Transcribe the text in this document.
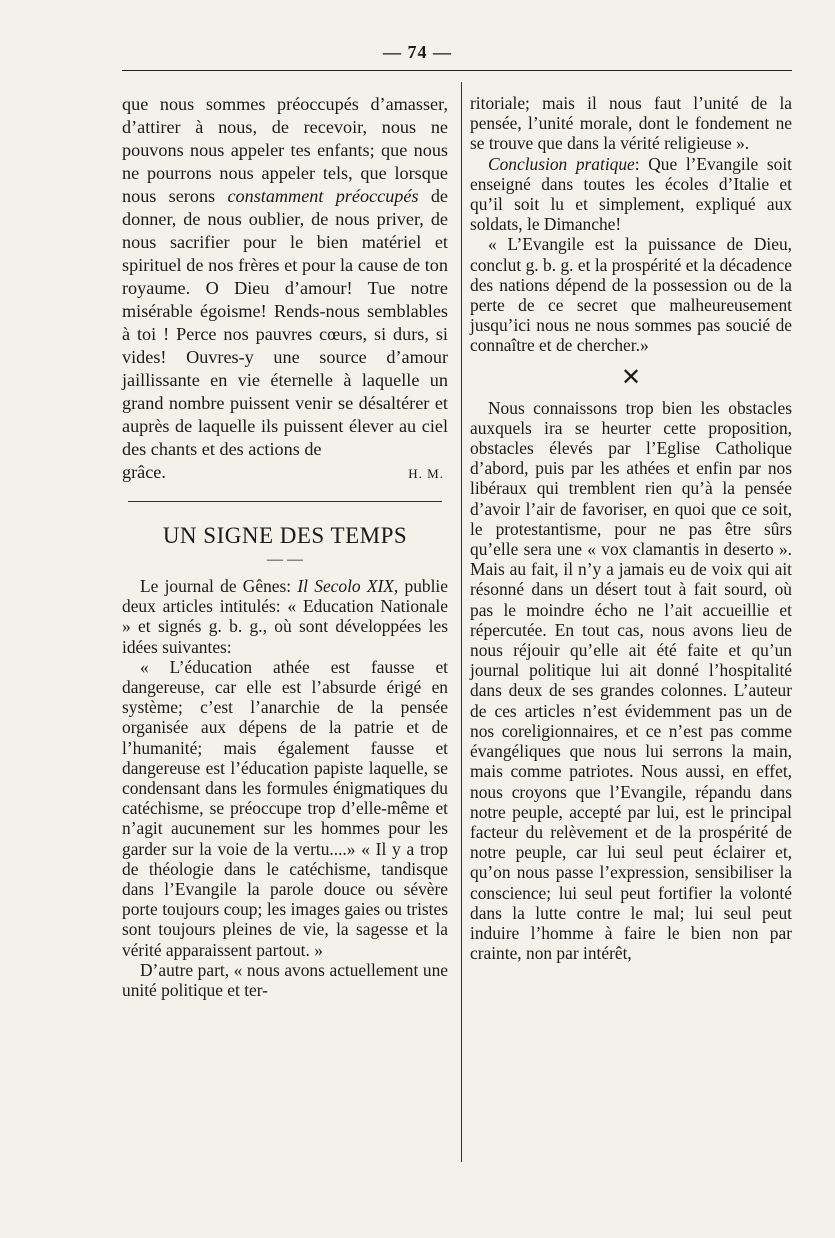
— 74 —

que nous sommes préoccupés d’amasser, d’attirer à nous, de recevoir, nous ne pouvons nous appeler tes enfants; que nous ne pourrons nous appeler tels, que lorsque nous serons constamment préoccupés de donner, de nous oublier, de nous priver, de nous sacrifier pour le bien matériel et spirituel de nos frères et pour la cause de ton royaume. O Dieu d’amour! Tue notre misérable égoisme! Rends-nous semblables à toi ! Perce nos pauvres cœurs, si durs, si vides! Ouvres-y une source d’amour jaillissante en vie éternelle à laquelle un grand nombre puissent venir se désaltérer et auprès de laquelle ils puissent élever au ciel des chants et des actions de

grâce.	H. M.
UN SIGNE DES TEMPS
— —

Le journal de Gênes: Il Secolo XIX, publie deux articles intitulés: « Education Nationale » et signés g. b. g., où sont développées les idées suivantes:

« L’éducation athée est fausse et dangereuse, car elle est l’absurde érigé en système; c’est l’anarchie de la pensée organisée aux dépens de la patrie et de l’humanité; mais également fausse et dangereuse est l’éducation papiste laquelle, se condensant dans les formules énigmatiques du catéchisme, se préoccupe trop d’elle-même et n’agit aucunement sur les hommes pour les garder sur la voie de la vertu....» « Il y a trop de théologie dans le catéchisme, tandisque dans l’Evangile la parole douce ou sévère porte toujours coup; les images gaies ou tristes sont toujours pleines de vie, la sagesse et la vérité apparaissent partout. »

D’autre part, « nous avons actuellement une unité politique et ter-

ritoriale; mais il nous faut l’unité de la pensée, l’unité morale, dont le fondement ne se trouve que dans la vérité religieuse ».

Conclusion pratique: Que l’Evangile soit enseigné dans toutes les écoles d’Italie et qu’il soit lu et simplement, expliqué aux soldats, le Dimanche!

« L’Evangile est la puissance de Dieu, conclut g. b. g. et la prospérité et la décadence des nations dépend de la possession ou de la perte de ce secret que malheureusement jusqu’ici nous ne nous sommes pas soucié de connaître et de chercher.»

✕

Nous connaissons trop bien les obstacles auxquels ira se heurter cette proposition, obstacles élevés par l’Eglise Catholique d’abord, puis par les athées et enfin par nos libéraux qui tremblent rien qu’à la pensée d’avoir l’air de favoriser, en quoi que ce soit, le protestantisme, pour ne pas être sûrs qu’elle sera une « vox clamantis in deserto ». Mais au fait, il n’y a jamais eu de voix qui ait résonné dans un désert tout à fait sourd, où pas le moindre écho ne l’ait accueillie et répercutée. En tout cas, nous avons lieu de nous réjouir qu’elle ait été faite et qu’un journal politique lui ait donné l’hospitalité dans deux de ses grandes colonnes. L’auteur de ces articles n’est évidemment pas un de nos coreligionnaires, et ce n’est pas comme évangéliques que nous lui serrons la main, mais comme patriotes. Nous aussi, en effet, nous croyons que l’Evangile, répandu dans notre peuple, accepté par lui, est le principal facteur du relèvement et de la prospérité de notre peuple, car lui seul peut éclairer et, qu’on nous passe l’expression, sensibiliser la conscience; lui seul peut fortifier la volonté dans la lutte contre le mal; lui seul peut induire l’homme à faire le bien non par crainte, non par intérêt,
